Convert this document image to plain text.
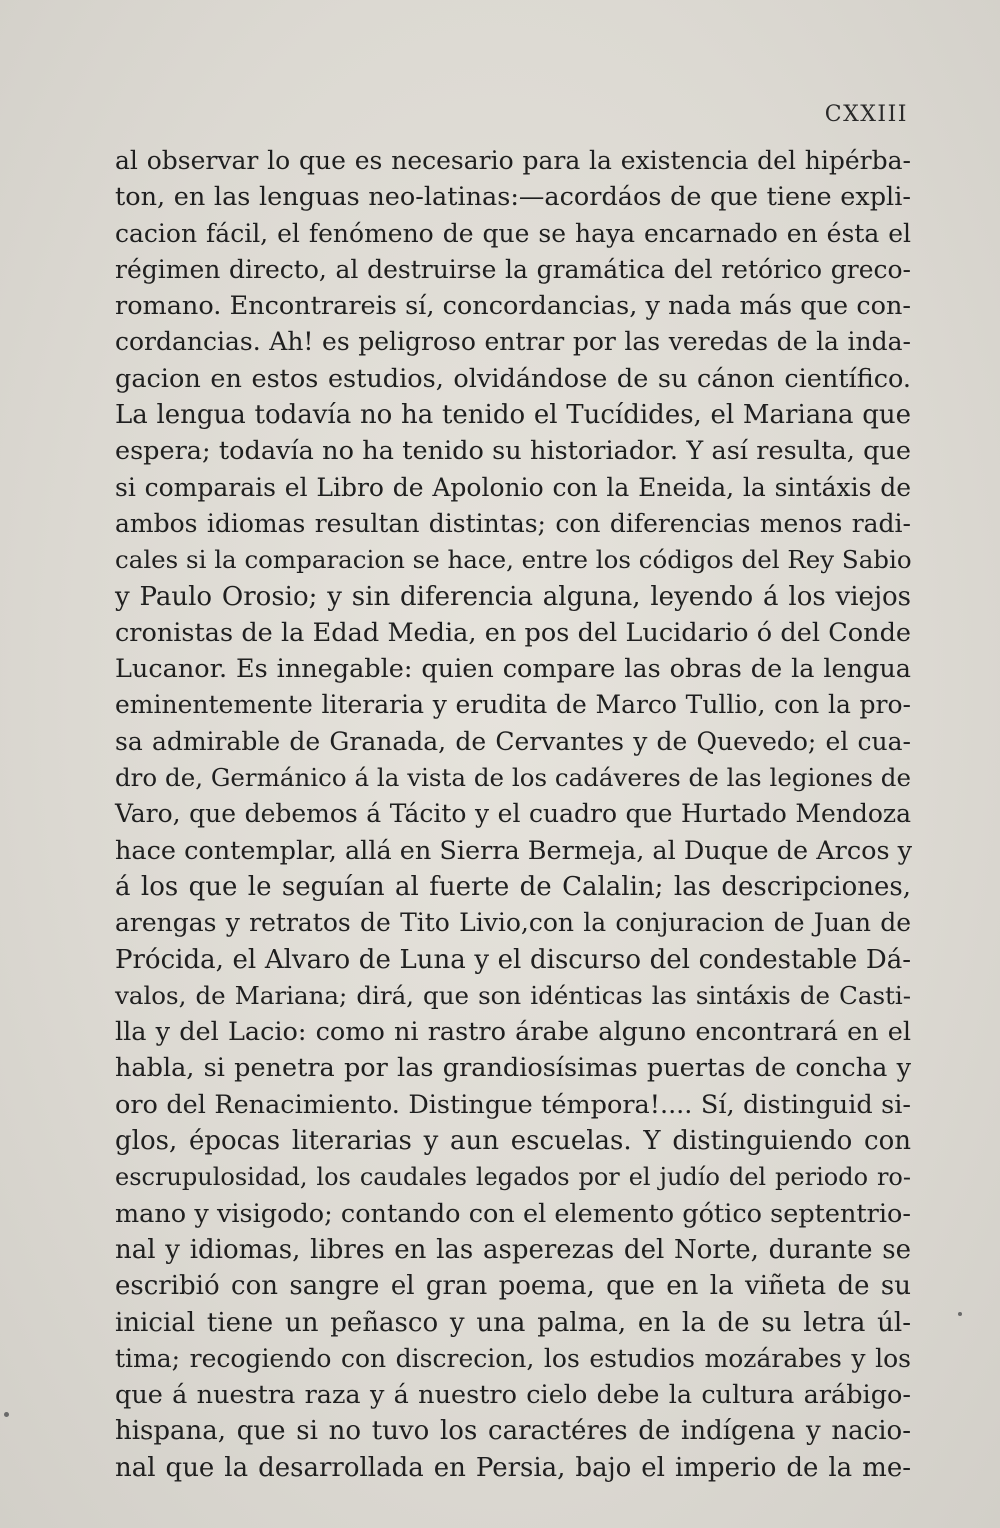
CXXIII
al observar lo que es necesario para la existencia del hipérba-
ton, en las lenguas neo-latinas:—acordáos de que tiene expli-
cacion fácil, el fenómeno de que se haya encarnado en ésta el
régimen directo, al destruirse la gramática del retórico greco-
romano. Encontrareis sí, concordancias, y nada más que con-
cordancias. Ah! es peligroso entrar por las veredas de la inda-
gacion en estos estudios, olvidándose de su cánon científico.
La lengua todavía no ha tenido el Tucídides, el Mariana que
espera; todavía no ha tenido su historiador. Y así resulta, que
si comparais el Libro de Apolonio con la Eneida, la sintáxis de
ambos idiomas resultan distintas; con diferencias menos radi-
cales si la comparacion se hace, entre los códigos del Rey Sabio
y Paulo Orosio; y sin diferencia alguna, leyendo á los viejos
cronistas de la Edad Media, en pos del Lucidario ó del Conde
Lucanor. Es innegable: quien compare las obras de la lengua
eminentemente literaria y erudita de Marco Tullio, con la pro-
sa admirable de Granada, de Cervantes y de Quevedo; el cua-
dro de, Germánico á la vista de los cadáveres de las legiones de
Varo, que debemos á Tácito y el cuadro que Hurtado Mendoza
hace contemplar, allá en Sierra Bermeja, al Duque de Arcos y
á los que le seguían al fuerte de Calalin; las descripciones,
arengas y retratos de Tito Livio,con la conjuracion de Juan de
Prócida, el Alvaro de Luna y el discurso del condestable Dá-
valos, de Mariana; dirá, que son idénticas las sintáxis de Casti-
lla y del Lacio: como ni rastro árabe alguno encontrará en el
habla, si penetra por las grandiosísimas puertas de concha y
oro del Renacimiento. Distingue témpora!.... Sí, distinguid si-
glos, épocas literarias y aun escuelas. Y distinguiendo con
escrupulosidad, los caudales legados por el judío del periodo ro-
mano y visigodo; contando con el elemento gótico septentrio-
nal y idiomas, libres en las asperezas del Norte, durante se
escribió con sangre el gran poema, que en la viñeta de su
inicial tiene un peñasco y una palma, en la de su letra úl-
tima; recogiendo con discrecion, los estudios mozárabes y los
que á nuestra raza y á nuestro cielo debe la cultura arábigo-
hispana, que si no tuvo los caractéres de indígena y nacio-
nal que la desarrollada en Persia, bajo el imperio de la me-
